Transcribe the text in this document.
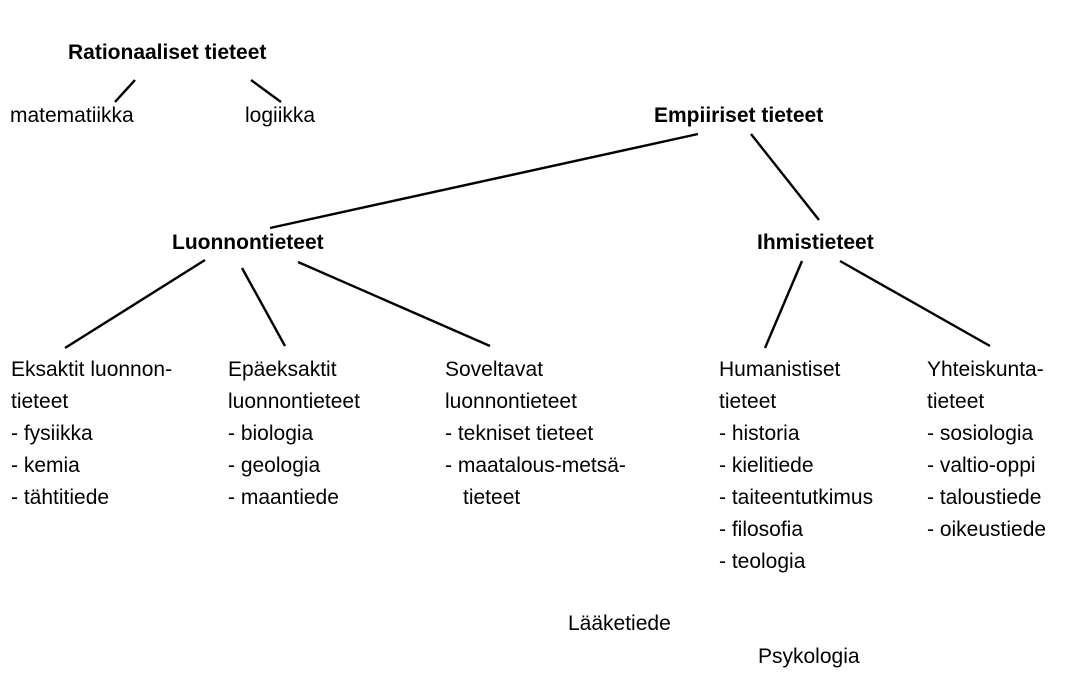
Rationaaliset tieteet
matematiikka	logiikka	Empiiriset tieteet
Luonnontieteet
Eksaktit luonnon-
tieteet
- fysiikka
- kemia
- tähtitiede
Epäeksaktit
luonnontieteet
- biologia
- geologia
- maantiede
Soveltavat
luonnontieteet
- tekniset tieteet
- maatalous-metsä-
tieteet
Ihmistieteet
Humanistiset
tieteet
- historia
- kielitiede
- taiteentutkimus
- filosofia
- teologia
Yhteiskunta-
tieteet
- sosiologia
- valtio-oppi
- taloustiede
- oikeustiede
Lääketiede
Psykologia
